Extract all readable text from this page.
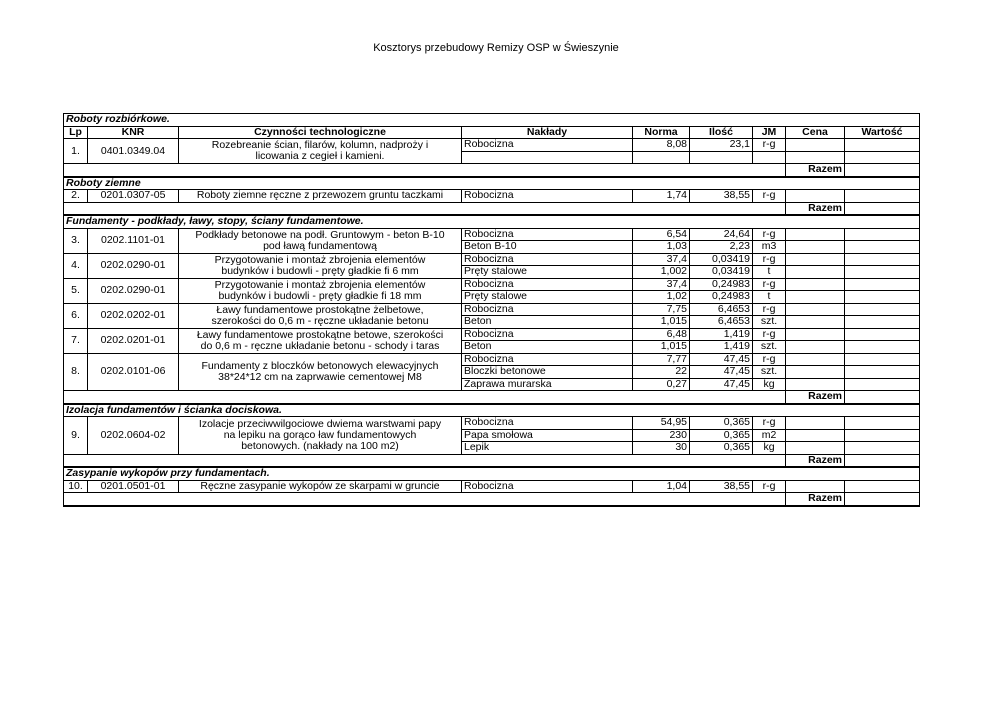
Kosztorys przebudowy Remizy OSP w Świeszynie
Roboty rozbiórkowe.								
Lp	KNR	Czynności technologiczne	Nakłady	Norma	Ilość	JM	Cena	Wartość
1.	0401.0349.04	Rozebreanie ścian, filarów, kolumn, nadproży i
licowania z cegieł i kamieni.	Robocizna	8,08	23,1	r-g		

							Razem	
Roboty ziemne								
2.	0201.0307-05	Roboty ziemne ręczne z przewozem gruntu taczkami	Robocizna	1,74	38,55	r-g		
							Razem	
Fundamenty - podkłady, ławy, stopy, ściany fundamentowe.								
3.	0202.1101-01	Podkłady betonowe na podł. Gruntowym - beton B-10
pod ławą fundamentową	Robocizna	6,54	24,64	r-g		
			Beton B-10	1,03	2,23	m3		
4.	0202.0290-01	Przygotowanie i montaż zbrojenia elementów
budynków i budowli - pręty gładkie fi 6 mm	Robocizna	37,4	0,03419	r-g		
			Pręty stalowe	1,002	0,03419	t		
5.	0202.0290-01	Przygotowanie i montaż zbrojenia elementów
budynków i budowli - pręty gładkie fi 18 mm	Robocizna	37,4	0,24983	r-g		
			Pręty stalowe	1,02	0,24983	t		
6.	0202.0202-01	Ławy fundamentowe prostokątne żelbetowe,
szerokości do 0,6 m - ręczne układanie betonu	Robocizna	7,75	6,4653	r-g		
			Beton	1,015	6,4653	szt.		
7.	0202.0201-01	Ławy fundamentowe prostokątne betowe, szerokości
do 0,6 m - ręczne układanie betonu - schody i taras	Robocizna	6,48	1,419	r-g		
			Beton	1,015	1,419	szt.		
8.	0202.0101-06	Fundamenty z bloczków betonowych elewacyjnych
38*24*12 cm na zaprwawie cementowej M8	Robocizna	7,77	47,45	r-g		
			Bloczki betonowe	22	47,45	szt.		
			Zaprawa murarska	0,27	47,45	kg		
							Razem	
Izolacja fundamentów i ścianka dociskowa.								
9.	0202.0604-02	Izolacje przeciwwilgociowe dwiema warstwami papy
na lepiku na gorąco ław fundamentowych
betonowych. (nakłady na 100 m2)	Robocizna	54,95	0,365	r-g		
			Papa smołowa	230	0,365	m2		
			Lepik	30	0,365	kg		
							Razem	
Zasypanie wykopów przy fundamentach.								
10.	0201.0501-01	Ręczne zasypanie wykopów ze skarpami w gruncie	Robocizna	1,04	38,55	r-g		
							Razem	
